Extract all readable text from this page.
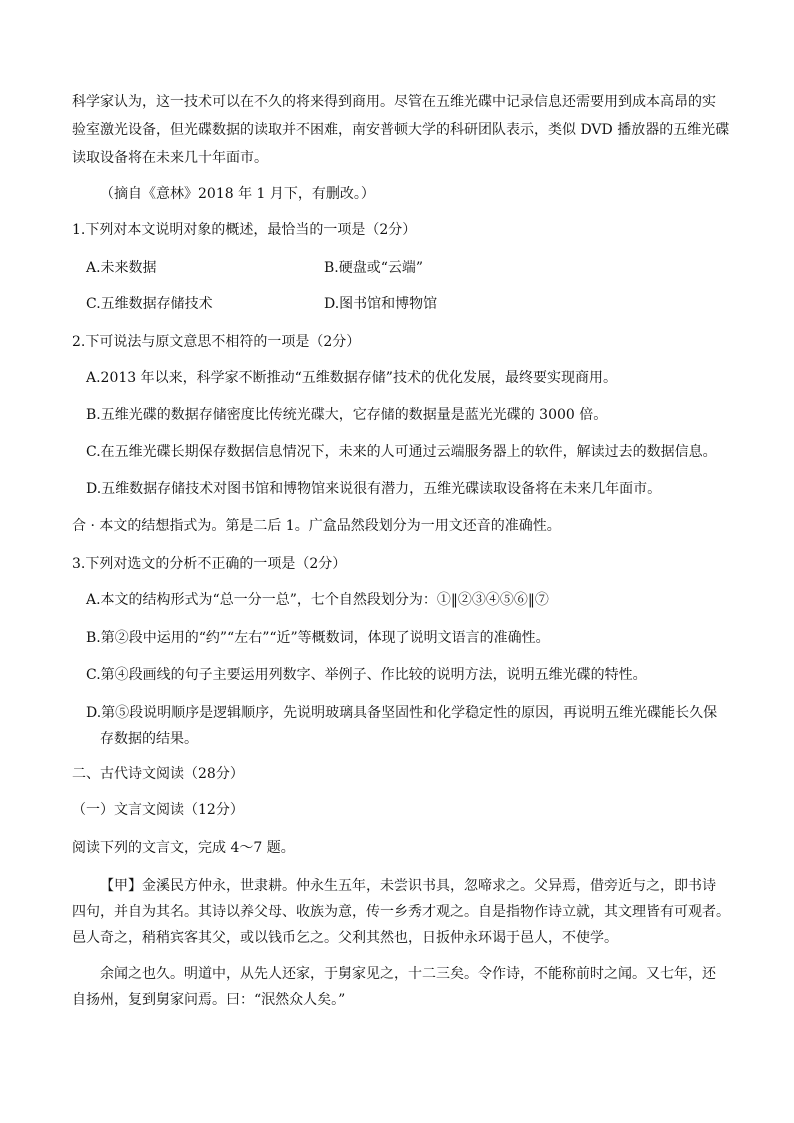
科学家认为，这一技术可以在不久的将来得到商用。尽管在五维光碟中记录信息还需要用到成本高昂的实
验室激光设备，但光碟数据的读取并不困难，南安普顿大学的科研团队表示，类似 DVD 播放器的五维光碟
读取设备将在未来几十年面市。
（摘自《意林》2018 年 1 月下，有删改。）
1.下列对本文说明对象的概述，最恰当的一项是（2分）
A.未来数据	B.硬盘或“云端”
C.五维数据存储技术	D.图书馆和博物馆
2.下可说法与原文意思不相符的一项是（2分）
A.2013 年以来，科学家不断推动“五维数据存储”技术的优化发展，最终要实现商用。
B.五维光碟的数据存储密度比传统光碟大，它存储的数据量是蓝光光碟的 3000 倍。
C.在五维光碟长期保存数据信息情况下，未来的人可通过云端服务器上的软件，解读过去的数据信息。
D.五维数据存储技术对图书馆和博物馆来说很有潜力，五维光碟读取设备将在未来几年面市。
合 · 本文的结想指式为。第是二后 1。广盒品然段划分为一用文还音的准确性。
3.下列对选文的分析不正确的一项是（2分）
A.本文的结构形式为“总一分一总”，七个自然段划分为：①‖②③④⑤⑥‖⑦
B.第②段中运用的“约”“左右”“近”等概数词，体现了说明文语言的准确性。
C.第④段画线的句子主要运用列数字、举例子、作比较的说明方法，说明五维光碟的特性。
D.第⑤段说明顺序是逻辑顺序，先说明玻璃具备坚固性和化学稳定性的原因，再说明五维光碟能长久保
存数据的结果。
二、古代诗文阅读（28分）
（一）文言文阅读（12分）
阅读下列的文言文，完成 4～7 题。
【甲】金溪民方仲永，世隶耕。仲永生五年，未尝识书具，忽啼求之。父异焉，借旁近与之，即书诗
四句，并自为其名。其诗以养父母、收族为意，传一乡秀才观之。自是指物作诗立就，其文理皆有可观者。
邑人奇之，稍稍宾客其父，或以钱币乞之。父利其然也，日扳仲永环谒于邑人，不使学。
余闻之也久。明道中，从先人还家，于舅家见之，十二三矣。令作诗，不能称前时之闻。又七年，还
自扬州，复到舅家问焉。曰：“泯然众人矣。”
